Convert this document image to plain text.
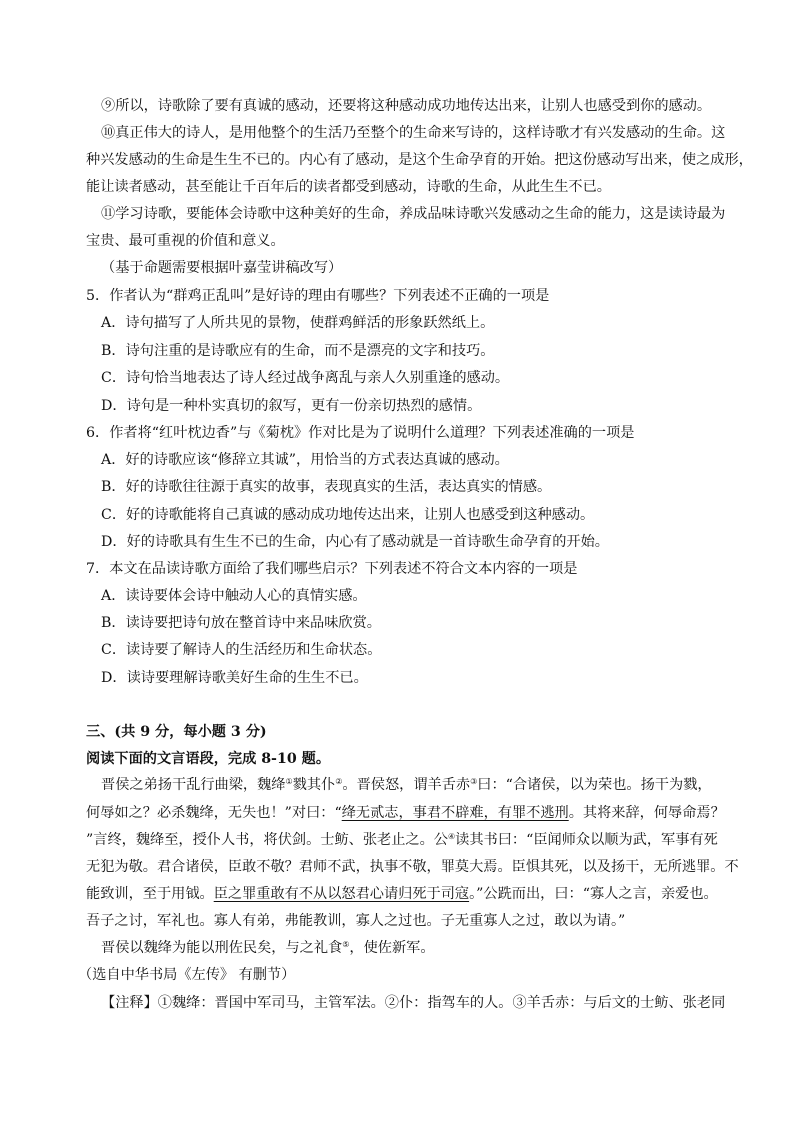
⑨所以，诗歌除了要有真诚的感动，还要将这种感动成功地传达出来，让别人也感受到你的感动。
⑩真正伟大的诗人，是用他整个的生活乃至整个的生命来写诗的，这样诗歌才有兴发感动的生命。这
种兴发感动的生命是生生不已的。内心有了感动，是这个生命孕育的开始。把这份感动写出来，使之成形，
能让读者感动，甚至能让千百年后的读者都受到感动，诗歌的生命，从此生生不已。
⑪学习诗歌，要能体会诗歌中这种美好的生命，养成品味诗歌兴发感动之生命的能力，这是读诗最为
宝贵、最可重视的价值和意义。
（基于命题需要根据叶嘉莹讲稿改写）
5．作者认为“群鸡正乱叫”是好诗的理由有哪些？下列表述不正确的一项是
A．诗句描写了人所共见的景物，使群鸡鲜活的形象跃然纸上。
B．诗句注重的是诗歌应有的生命，而不是漂亮的文字和技巧。
C．诗句恰当地表达了诗人经过战争离乱与亲人久别重逢的感动。
D．诗句是一种朴实真切的叙写，更有一份亲切热烈的感情。
6．作者将“红叶枕边香”与《菊枕》作对比是为了说明什么道理？下列表述准确的一项是
A．好的诗歌应该“修辞立其诚”，用恰当的方式表达真诚的感动。
B．好的诗歌往往源于真实的故事，表现真实的生活，表达真实的情感。
C．好的诗歌能将自己真诚的感动成功地传达出来，让别人也感受到这种感动。
D．好的诗歌具有生生不已的生命，内心有了感动就是一首诗歌生命孕育的开始。
7．本文在品读诗歌方面给了我们哪些启示？下列表述不符合文本内容的一项是
A．读诗要体会诗中触动人心的真情实感。
B．读诗要把诗句放在整首诗中来品味欣赏。
C．读诗要了解诗人的生活经历和生命状态。
D．读诗要理解诗歌美好生命的生生不已。
三、(共 9 分，每小题 3 分)
阅读下面的文言语段，完成 8-10 题。
晋侯之弟扬干乱行曲梁，魏绛①戮其仆②。晋侯怒，谓羊舌赤③曰：“合诸侯，以为荣也。扬干为戮，
何辱如之？必杀魏绛，无失也！”对曰：“绛无贰志，事君不辟难，有罪不逃刑。其将来辞，何辱命焉？
”言终，魏绛至，授仆人书，将伏剑。士鲂、张老止之。公④读其书曰：“臣闻师众以顺为武，军事有死
无犯为敬。君合诸侯，臣敢不敬？君师不武，执事不敬，罪莫大焉。臣惧其死，以及扬干，无所逃罪。不
能致训，至于用钺。臣之罪重敢有不从以怒君心请归死于司寇。”公跣而出，曰：“寡人之言，亲爱也。
吾子之讨，军礼也。寡人有弟，弗能教训，寡人之过也。子无重寡人之过，敢以为请。”
晋侯以魏绛为能以刑佐民矣，与之礼食⑤，使佐新军。
（选自中华书局《左传》 有删节）
【注释】①魏绛：晋国中军司马，主管军法。②仆：指驾车的人。③羊舌赤：与后文的士鲂、张老同
